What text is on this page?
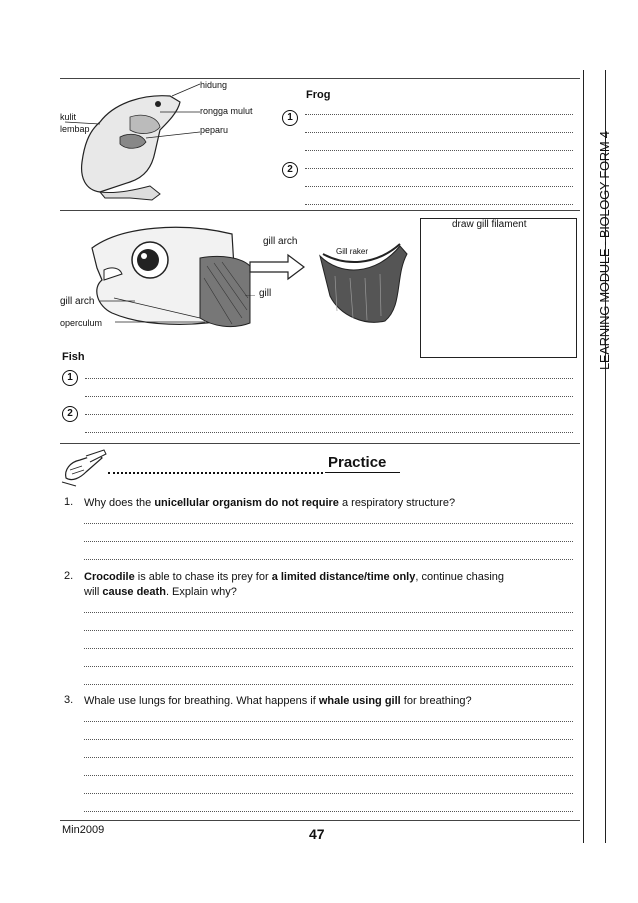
LEARNING MODULE - BIOLOGY FORM 4
hidung
kulit
lembap
rongga mulut
peparu
Frog
1
2
gill arch
gill
gill arch
operculum
Gill raker
draw gill filament
Fish
1
2
Practice
1. Why does the unicellular organism do not require a respiratory structure?
2. Crocodile is able to chase its prey for a limited distance/time only, continue chasing
will cause death. Explain why?
3. Whale use lungs for breathing. What happens if whale using gill for breathing?
Min2009	47
